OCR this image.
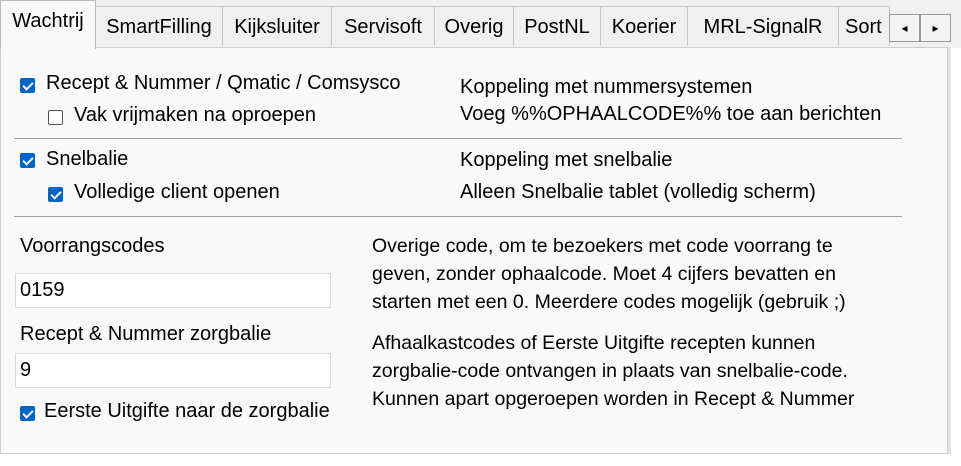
Wachtrij	SmartFilling	Kijksluiter	Servisoft	Overig	PostNL	Koerier	MRL-SignalR	Sort	◂	▸
Recept & Nummer / Qmatic / Comsysco
Vak vrijmaken na oproepen
Koppeling met nummersystemen
Voeg %%OPHAALCODE%% toe aan berichten
Snelbalie
Volledige client openen
Koppeling met snelbalie
Alleen Snelbalie tablet (volledig scherm)
Voorrangscodes
0159	Overige code, om te bezoekers met code voorrang te
geven, zonder ophaalcode. Moet 4 cijfers bevatten en
starten met een 0. Meerdere codes mogelijk (gebruik ;)
Recept & Nummer zorgbalie
9	Afhaalkastcodes of Eerste Uitgifte recepten kunnen
zorgbalie-code ontvangen in plaats van snelbalie-code.
Kunnen apart opgeroepen worden in Recept & Nummer
Eerste Uitgifte naar de zorgbalie
